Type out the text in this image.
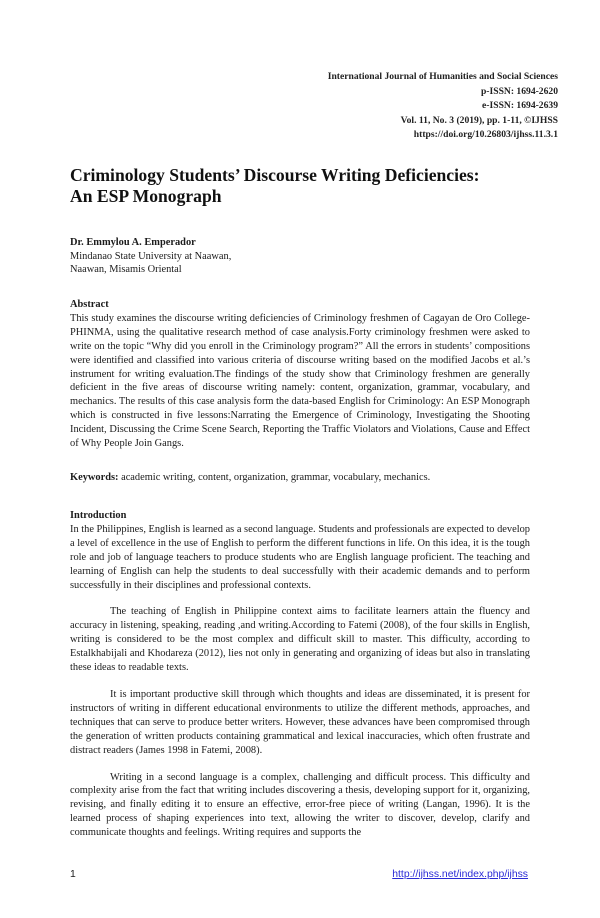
International Journal of Humanities and Social Sciences
p-ISSN: 1694-2620
e-ISSN: 1694-2639
Vol. 11, No. 3 (2019), pp. 1-11, ©IJHSS
https://doi.org/10.26803/ijhss.11.3.1
Criminology Students’ Discourse Writing Deficiencies:
An ESP Monograph
Dr. Emmylou A. Emperador
Mindanao State University at Naawan,
Naawan, Misamis Oriental
Abstract

This study examines the discourse writing deficiencies of Criminology freshmen of Cagayan de Oro College-PHINMA, using the qualitative research method of case analysis.Forty criminology freshmen were asked to write on the topic “Why did you enroll in the Criminology program?” All the errors in students’ compositions were identified and classified into various criteria of discourse writing based on the modified Jacobs et al.’s instrument for writing evaluation.The findings of the study show that Criminology freshmen are generally deficient in the five areas of discourse writing namely: content, organization, grammar, vocabulary, and mechanics. The results of this case analysis form the data-based English for Criminology: An ESP Monograph which is constructed in five lessons:Narrating the Emergence of Criminology, Investigating the Shooting Incident, Discussing the Crime Scene Search, Reporting the Traffic Violators and Violations, Cause and Effect of Why People Join Gangs.

Keywords: academic writing, content, organization, grammar, vocabulary, mechanics.

Introduction

In the Philippines, English is learned as a second language. Students and professionals are expected to develop a level of excellence in the use of English to perform the different functions in life. On this idea, it is the tough role and job of language teachers to produce students who are English language proficient. The teaching and learning of English can help the students to deal successfully with their academic demands and to perform successfully in their disciplines and professional contexts.

The teaching of English in Philippine context aims to facilitate learners attain the fluency and accuracy in listening, speaking, reading ,and writing.According to Fatemi (2008), of the four skills in English, writing is considered to be the most complex and difficult skill to master. This difficulty, according to Estalkhabijali and Khodareza (2012), lies not only in generating and organizing of ideas but also in translating these ideas to readable texts.

It is important productive skill through which thoughts and ideas are disseminated, it is present for instructors of writing in different educational environments to utilize the different methods, approaches, and techniques that can serve to produce better writers. However, these advances have been compromised through the generation of written products containing grammatical and lexical inaccuracies, which often frustrate and distract readers (James 1998 in Fatemi, 2008).

Writing in a second language is a complex, challenging and difficult process. This difficulty and complexity arise from the fact that writing includes discovering a thesis, developing support for it, organizing, revising, and finally editing it to ensure an effective, error-free piece of writing (Langan, 1996). It is the learned process of shaping experiences into text, allowing the writer to discover, develop, clarify and communicate thoughts and feelings. Writing requires and supports the

1	http://ijhss.net/index.php/ijhss
